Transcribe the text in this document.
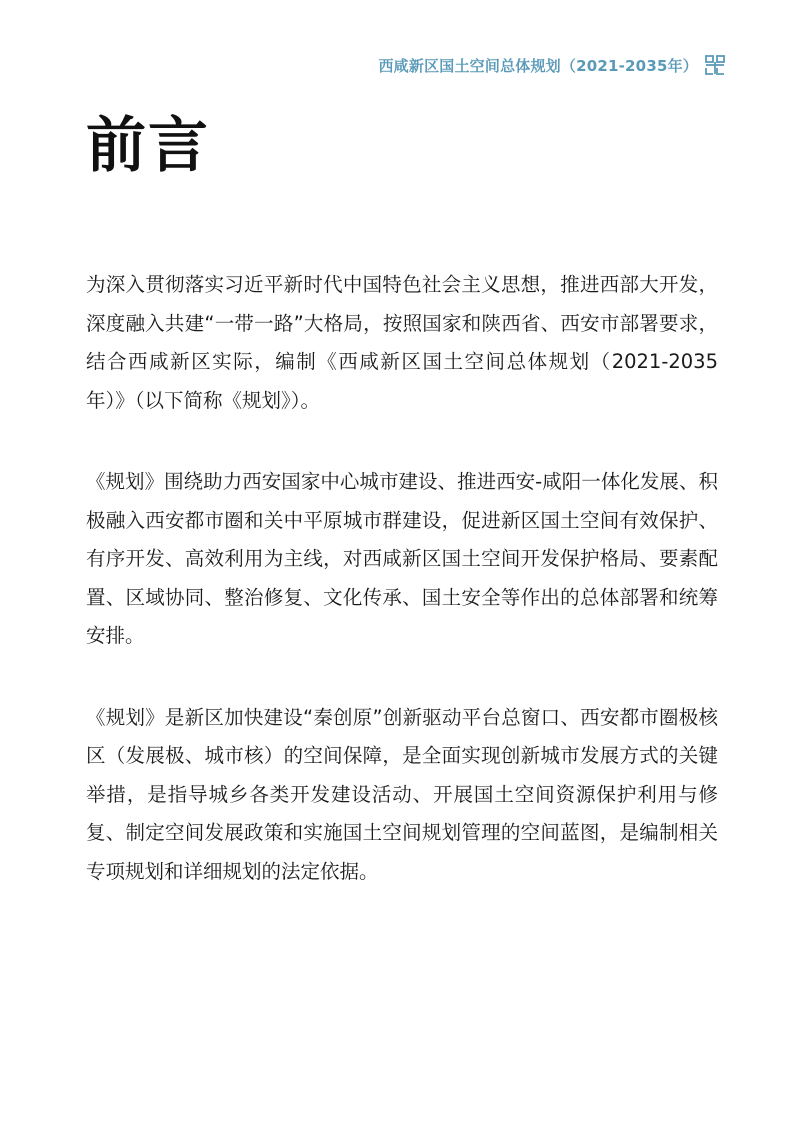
西咸新区国土空间总体规划（2021-2035年）
前言

为深入贯彻落实习近平新时代中国特色社会主义思想，推进西部大开发，深度融入共建“一带一路”大格局，按照国家和陕西省、西安市部署要求，结合西咸新区实际，编制《西咸新区国土空间总体规划（2021-2035年）》（以下简称《规划》）。

《规划》围绕助力西安国家中心城市建设、推进西安-咸阳一体化发展、积极融入西安都市圈和关中平原城市群建设，促进新区国土空间有效保护、有序开发、高效利用为主线，对西咸新区国土空间开发保护格局、要素配置、区域协同、整治修复、文化传承、国土安全等作出的总体部署和统筹安排。

《规划》是新区加快建设“秦创原”创新驱动平台总窗口、西安都市圈极核区（发展极、城市核）的空间保障，是全面实现创新城市发展方式的关键举措，是指导城乡各类开发建设活动、开展国土空间资源保护利用与修复、制定空间发展政策和实施国土空间规划管理的空间蓝图，是编制相关专项规划和详细规划的法定依据。
